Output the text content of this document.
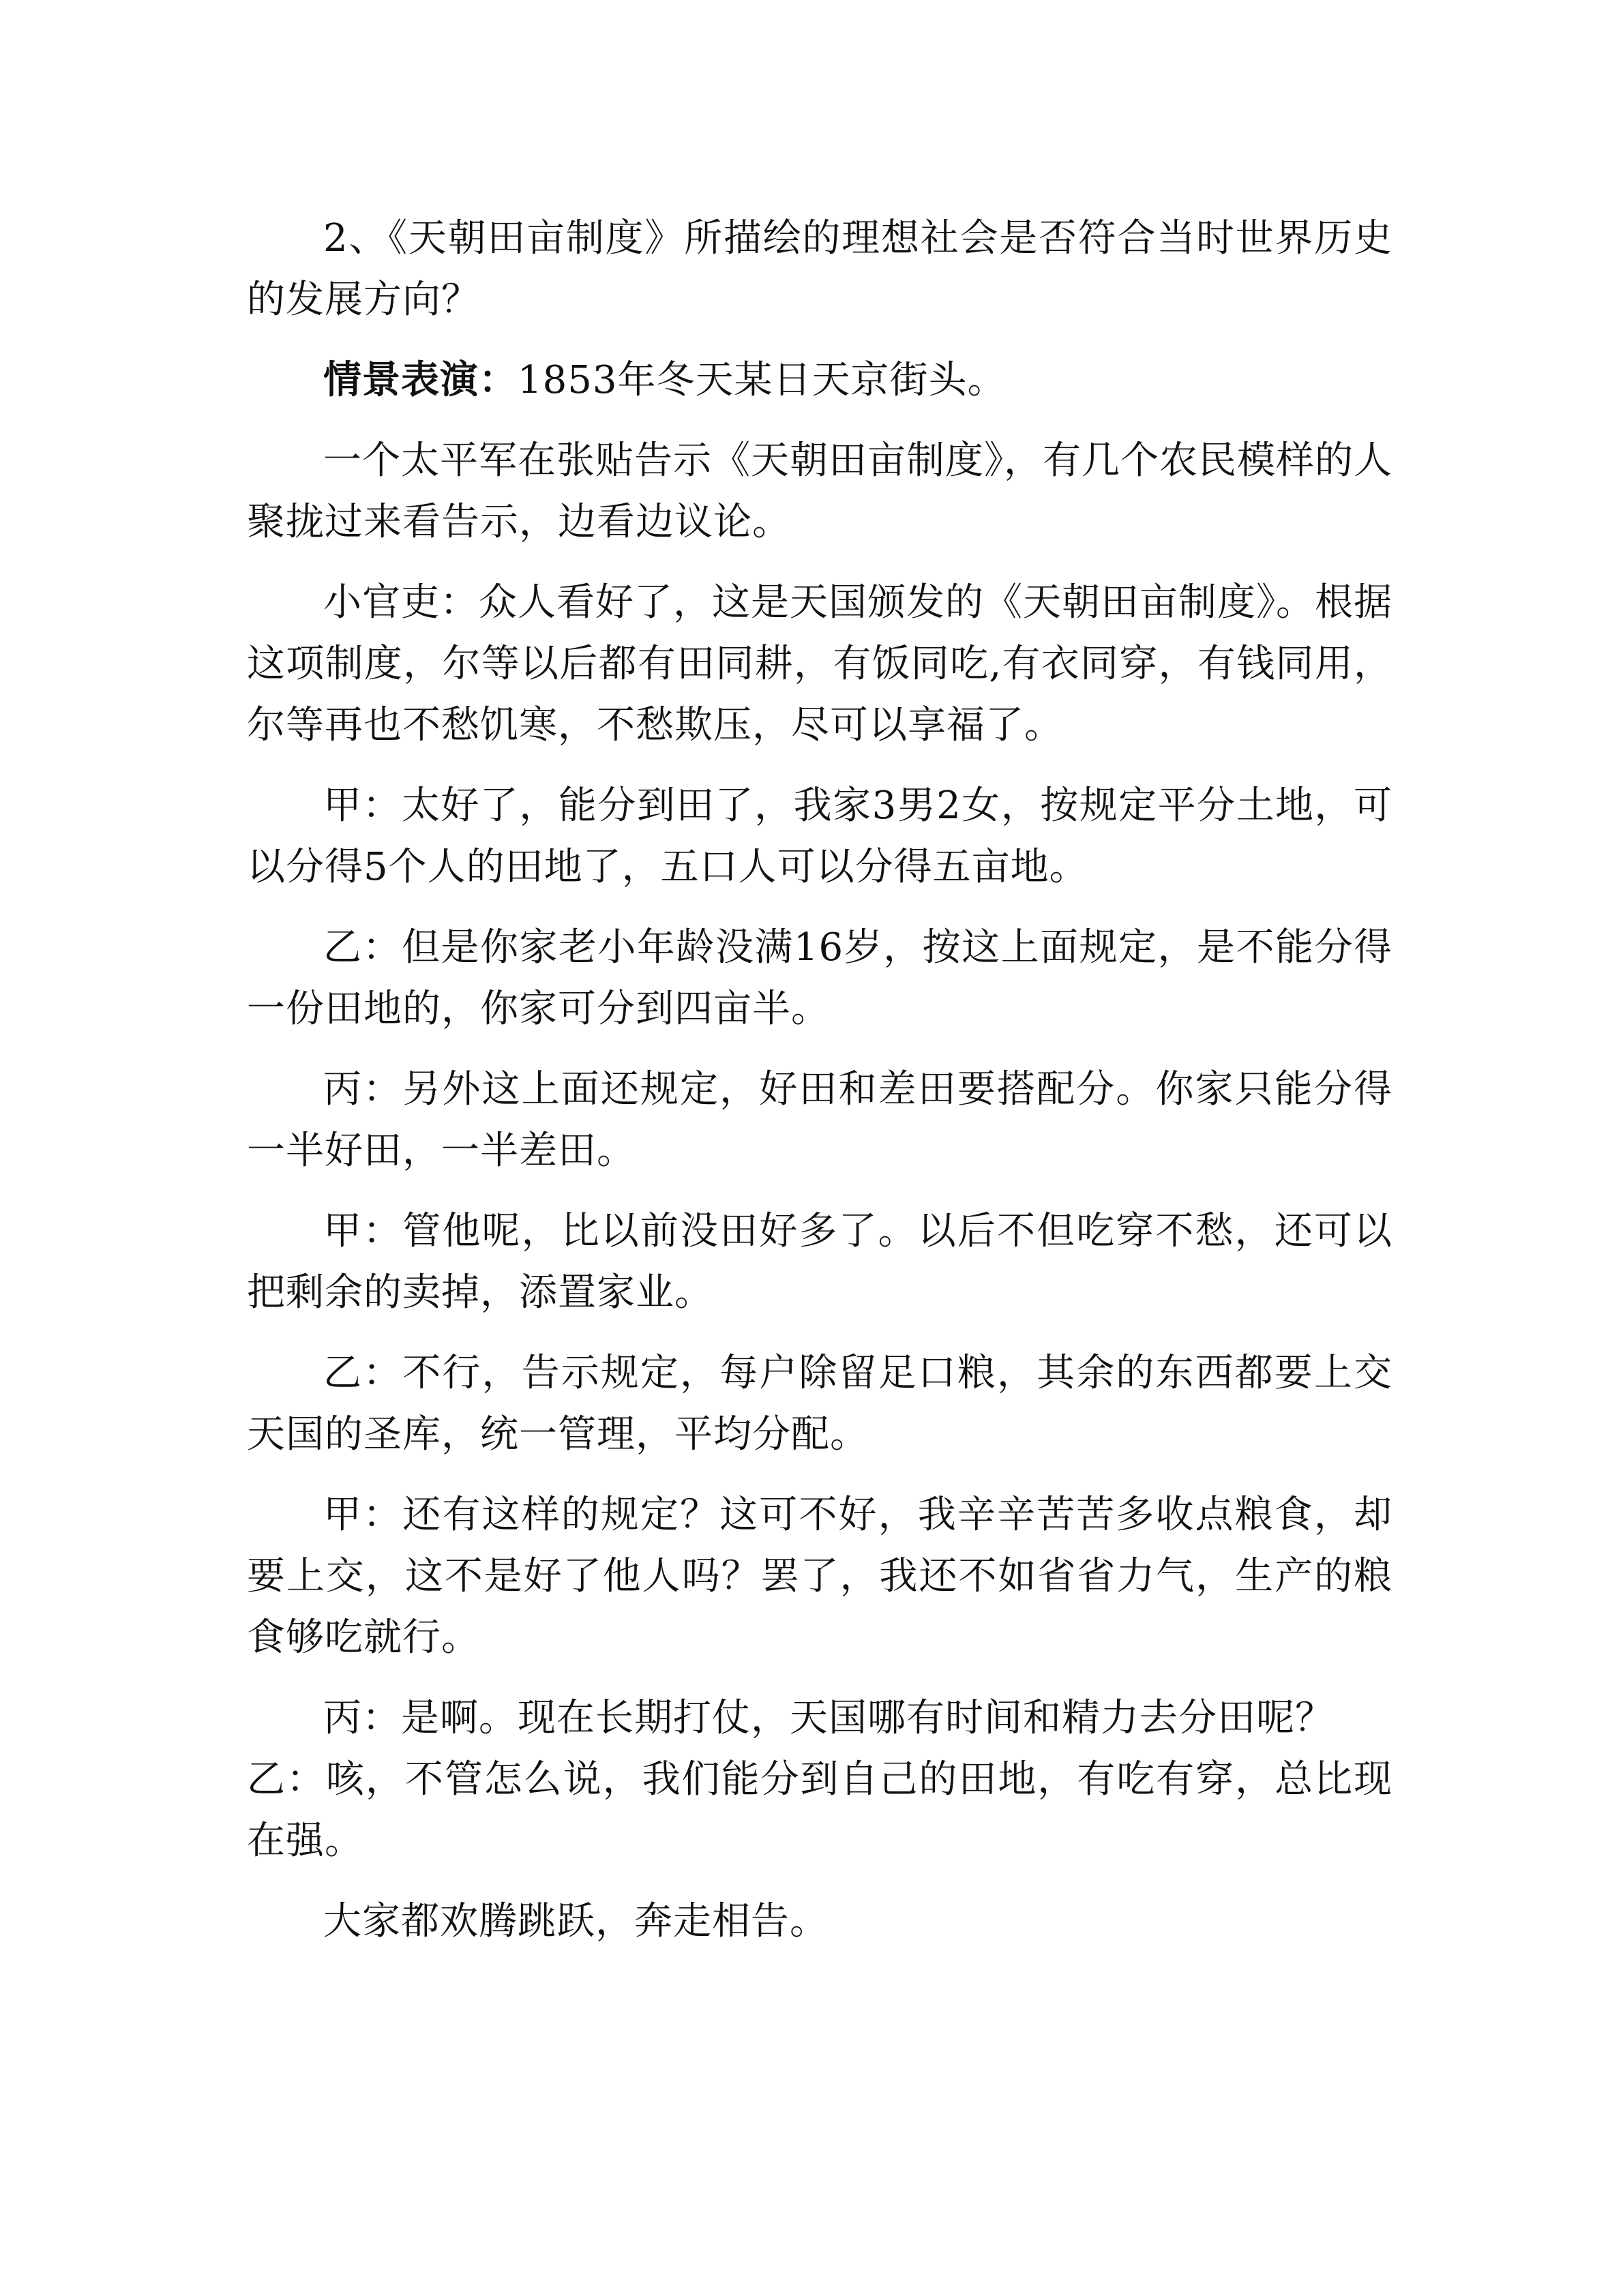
2、《天朝田亩制度》所描绘的理想社会是否符合当时世界历史的发展方向？

情景表演：1853年冬天某日天京街头。

一个太平军在张贴告示《天朝田亩制度》，有几个农民模样的人聚拢过来看告示，边看边议论。

小官吏：众人看好了，这是天国颁发的《天朝田亩制度》。根据这项制度，尔等以后都有田同耕，有饭同吃,有衣同穿，有钱同用，尔等再也不愁饥寒，不愁欺压，尽可以享福了。

甲：太好了，能分到田了，我家3男2女，按规定平分土地，可以分得5个人的田地了，五口人可以分得五亩地。

乙：但是你家老小年龄没满16岁，按这上面规定，是不能分得一份田地的，你家可分到四亩半。

丙：另外这上面还规定，好田和差田要搭配分。你家只能分得一半好田，一半差田。

甲：管他呢，比以前没田好多了。以后不但吃穿不愁，还可以把剩余的卖掉，添置家业。

乙：不行，告示规定，每户除留足口粮，其余的东西都要上交天国的圣库，统一管理，平均分配。

甲：还有这样的规定？这可不好，我辛辛苦苦多收点粮食，却要上交，这不是好了他人吗？罢了，我还不如省省力气，生产的粮食够吃就行。

丙：是啊。现在长期打仗，天国哪有时间和精力去分田呢？

乙：咳，不管怎么说，我们能分到自己的田地，有吃有穿，总比现在强。

大家都欢腾跳跃，奔走相告。
